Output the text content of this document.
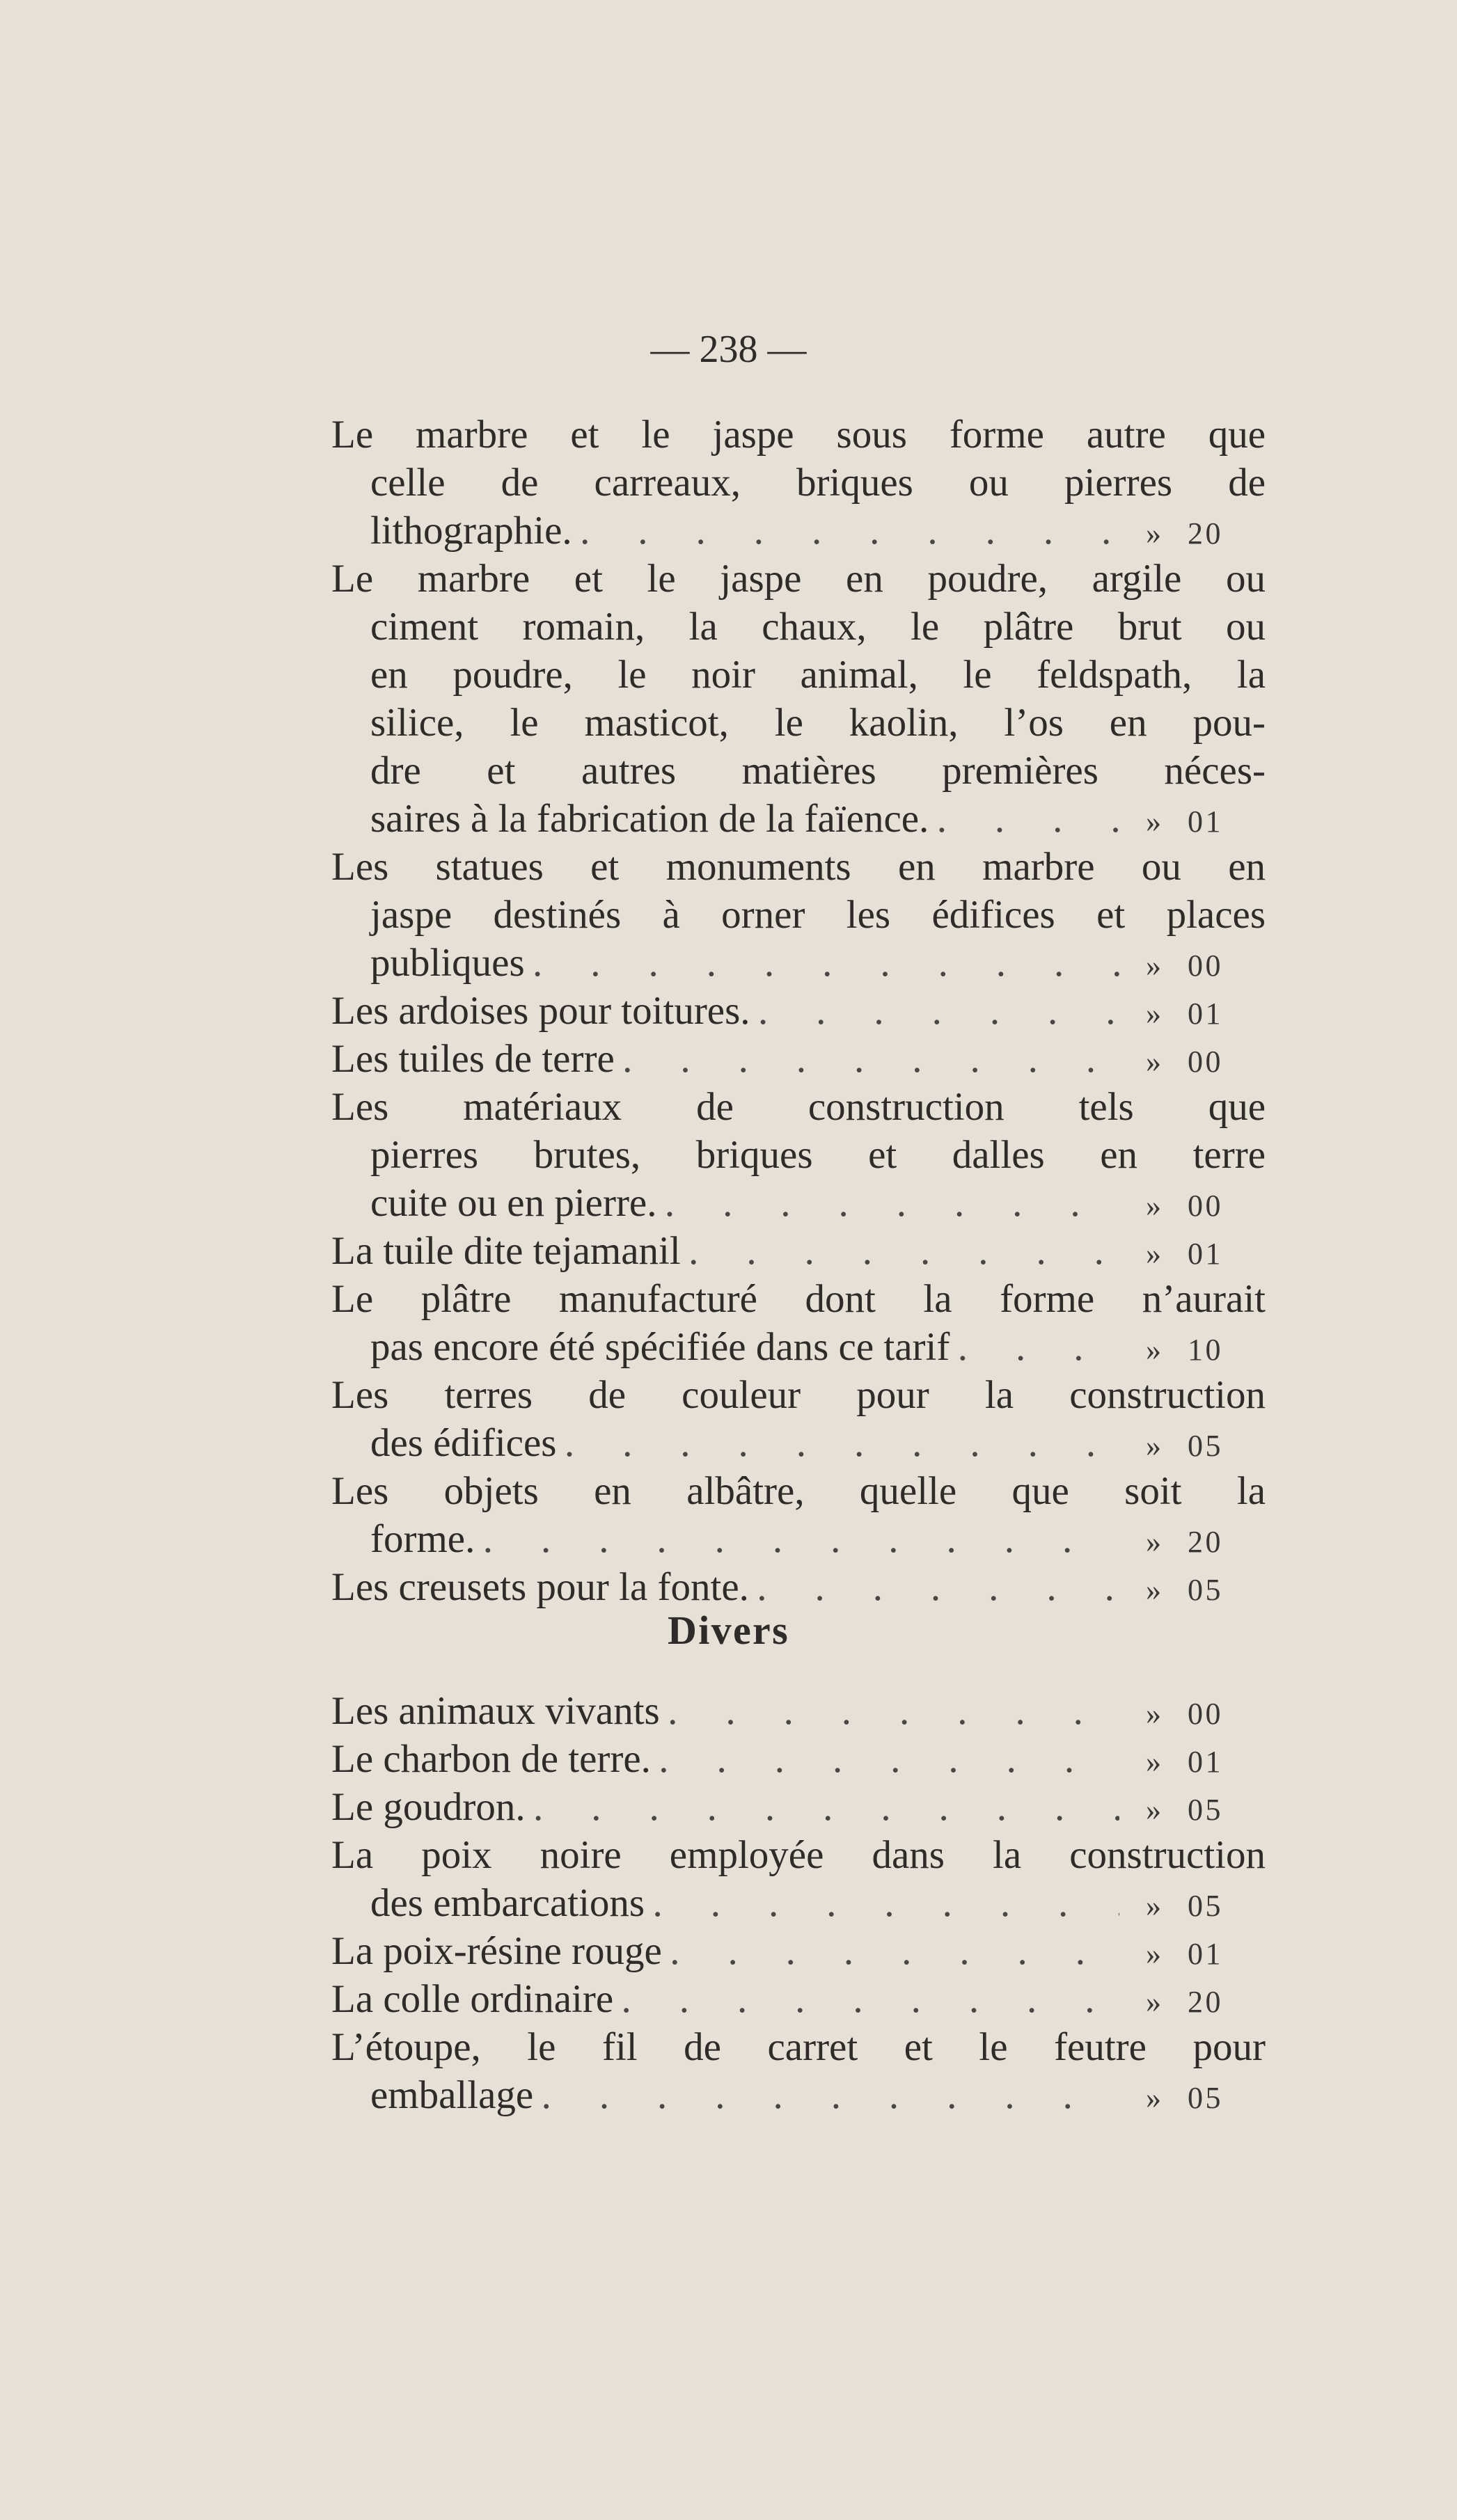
— 238 —
Le marbre et le jaspe sous forme autre que
celle de carreaux, briques ou pierres de
lithographie. . . .	» 20
Le marbre et le jaspe en poudre, argile ou
ciment romain, la chaux, le plâtre brut ou
en poudre, le noir animal, le feldspath, la
silice, le masticot, le kaolin, l’os en pou-
dre et autres matières premières néces-
saires à la fabrication de la faïence. . . .	» 01
Les statues et monuments en marbre ou en
jaspe destinés à orner les édifices et places
publiques . . .	» 00
Les ardoises pour toitures. . . .	» 01
Les tuiles de terre . . .	» 00
Les matériaux de construction tels que
pierres brutes, briques et dalles en terre
cuite ou en pierre. . . .	» 00
La tuile dite tejamanil . . .	» 01
Le plâtre manufacturé dont la forme n’aurait
pas encore été spécifiée dans ce tarif . . .	» 10
Les terres de couleur pour la construction
des édifices . . .	» 05
Les objets en albâtre, quelle que soit la
forme. . . .	» 20
Les creusets pour la fonte. . . .	» 05
Divers
Les animaux vivants . . .	» 00
Le charbon de terre. . . .	» 01
Le goudron. . . .	» 05
La poix noire employée dans la construction
des embarcations . . .	» 05
La poix-résine rouge . . .	» 01
La colle ordinaire . . .	» 20
L’étoupe, le fil de carret et le feutre pour
emballage . . .	» 05
